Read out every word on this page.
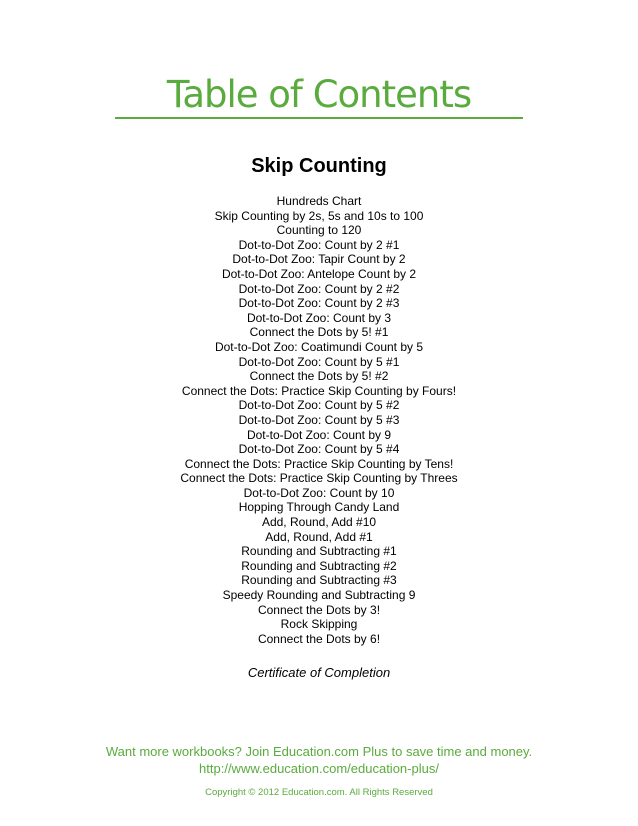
Table of Contents
Skip Counting
Hundreds Chart
Skip Counting by 2s, 5s and 10s to 100
Counting to 120
Dot-to-Dot Zoo: Count by 2 #1
Dot-to-Dot Zoo: Tapir Count by 2
Dot-to-Dot Zoo: Antelope Count by 2
Dot-to-Dot Zoo: Count by 2 #2
Dot-to-Dot Zoo: Count by 2 #3
Dot-to-Dot Zoo: Count by 3
Connect the Dots by 5! #1
Dot-to-Dot Zoo: Coatimundi Count by 5
Dot-to-Dot Zoo: Count by 5 #1
Connect the Dots by 5! #2
Connect the Dots: Practice Skip Counting by Fours!
Dot-to-Dot Zoo: Count by 5 #2
Dot-to-Dot Zoo: Count by 5 #3
Dot-to-Dot Zoo: Count by 9
Dot-to-Dot Zoo: Count by 5 #4
Connect the Dots: Practice Skip Counting by Tens!
Connect the Dots: Practice Skip Counting by Threes
Dot-to-Dot Zoo: Count by 10
Hopping Through Candy Land
Add, Round, Add #10
Add, Round, Add #1
Rounding and Subtracting #1
Rounding and Subtracting #2
Rounding and Subtracting #3
Speedy Rounding and Subtracting 9
Connect the Dots by 3!
Rock Skipping
Connect the Dots by 6!
Certificate of Completion
Want more workbooks? Join Education.com Plus to save time and money.
http://www.education.com/education-plus/
Copyright © 2012 Education.com. All Rights Reserved
